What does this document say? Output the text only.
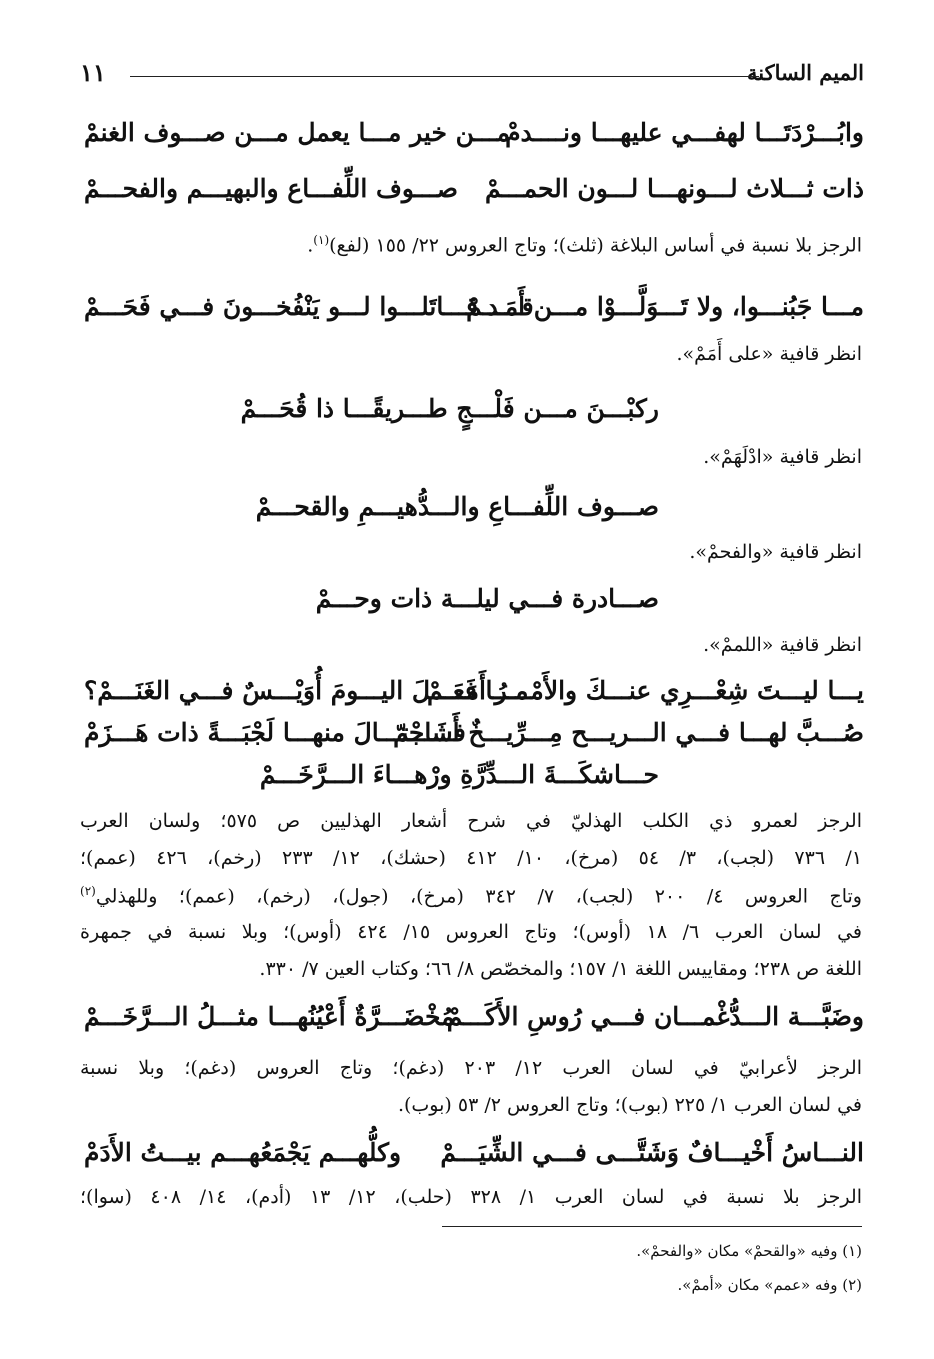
الميم الساكنة
١١
وابُـــرْدَتَـــا لهفـــي عليهـــا ونــــدمْ
مـــن خير مـــا يعمل مـــن صـــوف الغنمْ
ذات ثـــلاث لـــونهـــا لـــون الحمـــمْ
صـــوف اللِّفـــاع والبهيـــم والفحـــمْ
الرجز بلا نسبة في أساس البلاغة (ثلث)؛ وتاج العروس ٢٢/ ١٥٥ (لفع)$^{(١)}$.
مـــا جَبُنـــوا، ولا تَـــوَلَّـــوْا مـــن أَمَـــمْ
قـــد قـــاتَلـــوا لـــو يَنْفُخـــونَ فـــي فَحَـــمْ
انظر قافية «على أَمَمْ».
ركبْـــنَ مـــن فَلْـــجٍ طـــريقًـــا ذا قُحَـــمْ
انظر قافية «ادْلَهَمْ».
صـــوف اللِّفـــاعِ والـــدُّهيـــمِ والقحـــمْ
انظر قافية «والفحمْ».
صـــادرة فـــي ليلـــة ذات وحـــمْ
انظر قافية «اللممْ».
يـــا ليـــتَ شِعْـــرِي عنـــكَ والأَمْـــرُ أَمَـــمْ
مـــا فَعَـــلَ اليـــومَ أُوَيْـــسٌ فـــي الغَنَـــمْ؟
صُـــبَّ لهـــا فـــي الـــريـــح مِـــرِّيـــخٌ أَشَـــمّ
فـــاجْتـــالَ منهـــا لَجْبَـــةً ذات هَـــزَمْ
حـــاشكَـــةَ الـــدِّرَّةِ ورْهـــاءَ الـــرَّخَـــمْ
الرجز لعمرو ذي الكلب الهذليّ في شرح أشعار الهذليين ص ٥٧٥؛ ولسان العرب
١/ ٧٣٦ (لجب)، ٣/ ٥٤ (مرخ)، ١٠/ ٤١٢ (حشك)، ١٢/ ٢٣٣ (رخم)، ٤٢٦ (عمم)؛
وتاج العروس ٤/ ٢٠٠ (لجب)، ٧/ ٣٤٢ (مرخ)، (جول)، (رخم)، (عمم)؛ وللهذلي$^{(٢)}$
في لسان العرب ٦/ ١٨ (أوس)؛ وتاج العروس ١٥/ ٤٢٤ (أوس)؛ وبلا نسبة في جمهرة
اللغة ص ٢٣٨؛ ومقاييس اللغة ١/ ١٥٧؛ والمخصّص ٨/ ٦٦؛ وكتاب العين ٧/ ٣٣٠.
وضَبَّـــة الـــدُّغْمـــان فـــي رُوسِ الأَكَـــمْ
مُخْضَـــرَّةٌ أَعْيُنُهـــا مثـــلُ الـــرَّخَـــمْ
الرجز لأعرابيّ في لسان العرب ١٢/ ٢٠٣ (دغم)؛ وتاج العروس (دغم)؛ وبلا نسبة
في لسان العرب ١/ ٢٢٥ (بوب)؛ وتاج العروس ٢/ ٥٣ (بوب).
النـــاسُ أَخْيـــافٌ وَشَتَّـــى فـــي الشِّيَـــمْ
وكلُّهـــم يَجْمَعُهـــم بيـــتُ الأَدَمْ
الرجز بلا نسبة في لسان العرب ١/ ٣٢٨ (حلب)، ١٢/ ١٣ (أدم)، ١٤/ ٤٠٨ (سوا)؛
(١) وفيه «والقحمْ» مكان «والفحمْ».
(٢) وفه «عمم» مكان «أممْ».
